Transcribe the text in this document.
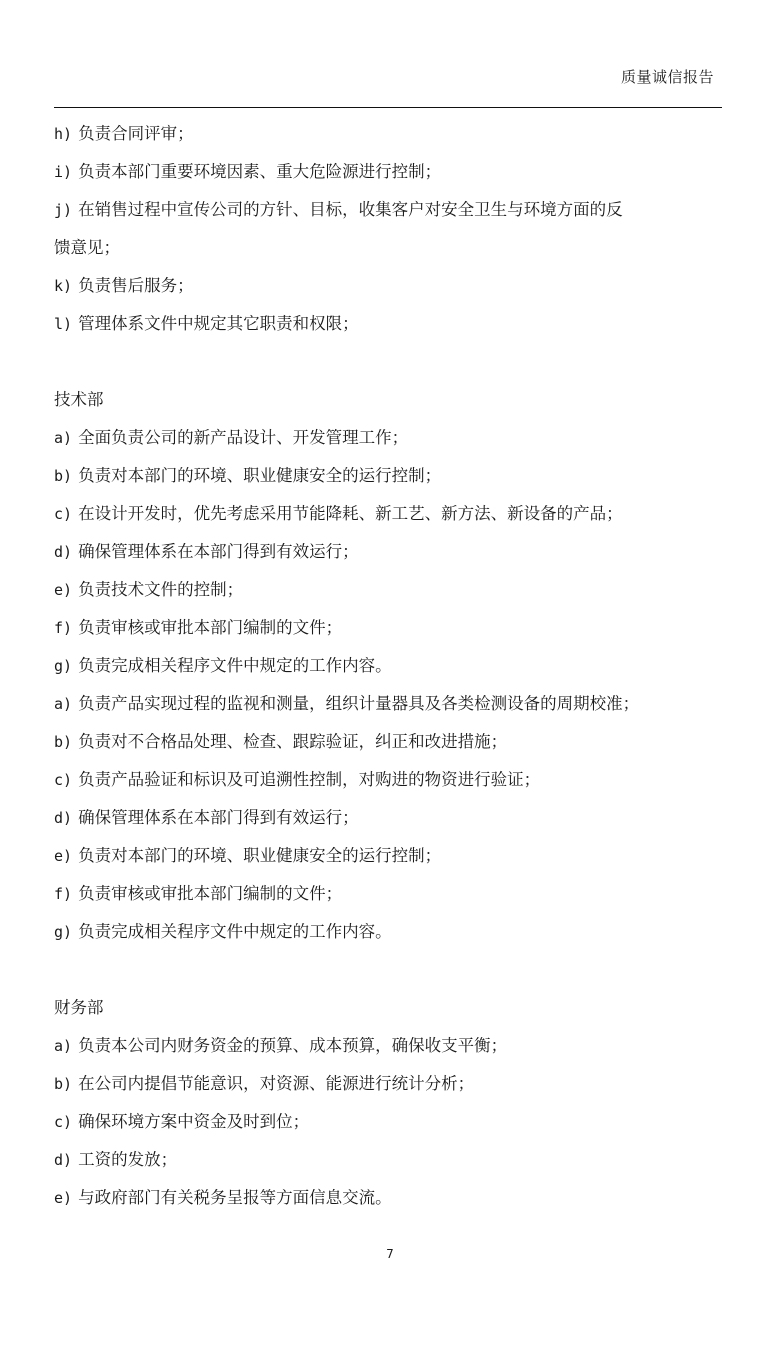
质量诚信报告
h) 负责合同评审；
i) 负责本部门重要环境因素、重大危险源进行控制；
j) 在销售过程中宣传公司的方针、目标，收集客户对安全卫生与环境方面的反
馈意见；
k) 负责售后服务；
l) 管理体系文件中规定其它职责和权限；
技术部
a) 全面负责公司的新产品设计、开发管理工作；
b) 负责对本部门的环境、职业健康安全的运行控制；
c) 在设计开发时，优先考虑采用节能降耗、新工艺、新方法、新设备的产品；
d) 确保管理体系在本部门得到有效运行；
e) 负责技术文件的控制；
f) 负责审核或审批本部门编制的文件；
g) 负责完成相关程序文件中规定的工作内容。
a) 负责产品实现过程的监视和测量，组织计量器具及各类检测设备的周期校准；
b) 负责对不合格品处理、检查、跟踪验证，纠正和改进措施；
c) 负责产品验证和标识及可追溯性控制，对购进的物资进行验证；
d) 确保管理体系在本部门得到有效运行；
e) 负责对本部门的环境、职业健康安全的运行控制；
f) 负责审核或审批本部门编制的文件；
g) 负责完成相关程序文件中规定的工作内容。
财务部
a) 负责本公司内财务资金的预算、成本预算，确保收支平衡；
b) 在公司内提倡节能意识，对资源、能源进行统计分析；
c) 确保环境方案中资金及时到位；
d) 工资的发放；
e) 与政府部门有关税务呈报等方面信息交流。
7
